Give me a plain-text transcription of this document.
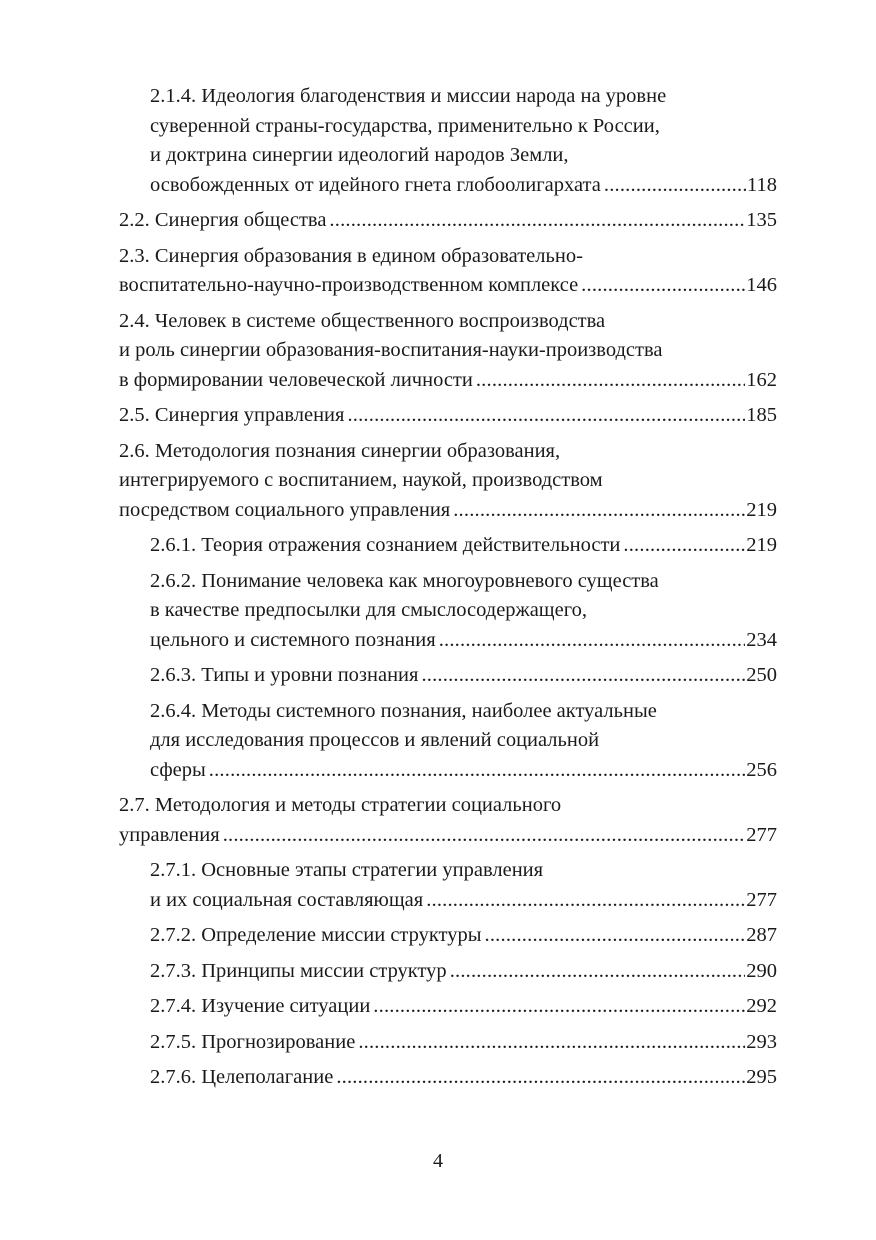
2.1.4. Идеология благоденствия и миссии народа на уровне
суверенной страны-государства, применительно к России,
и доктрина синергии идеологий народов Земли,
освобожденных от идейного гнета глобоолигархата .....	118
2.2. Синергия общества .....	135
2.3. Синергия образования в едином образовательно-
воспитательно-научно-производственном комплексе .....	146
2.4. Человек в системе общественного воспроизводства
и роль синергии образования-воспитания-науки-производства
в формировании человеческой личности .....	162
2.5. Синергия управления .....	185
2.6. Методология познания синергии образования,
интегрируемого с воспитанием, наукой, производством
посредством социального управления .....	219
2.6.1. Теория отражения сознанием действительности .....	219
2.6.2. Понимание человека как многоуровневого существа
в качестве предпосылки для смыслосодержащего,
цельного и системного познания .....	234
2.6.3. Типы и уровни познания .....	250
2.6.4. Методы системного познания, наиболее актуальные
для исследования процессов и явлений социальной
сферы .....	256
2.7. Методология и методы стратегии социального
управления .....	277
2.7.1. Основные этапы стратегии управления
и их социальная составляющая .....	277
2.7.2. Определение миссии структуры .....	287
2.7.3. Принципы миссии структур .....	290
2.7.4. Изучение ситуации .....	292
2.7.5. Прогнозирование .....	293
2.7.6. Целеполагание .....	295
4
